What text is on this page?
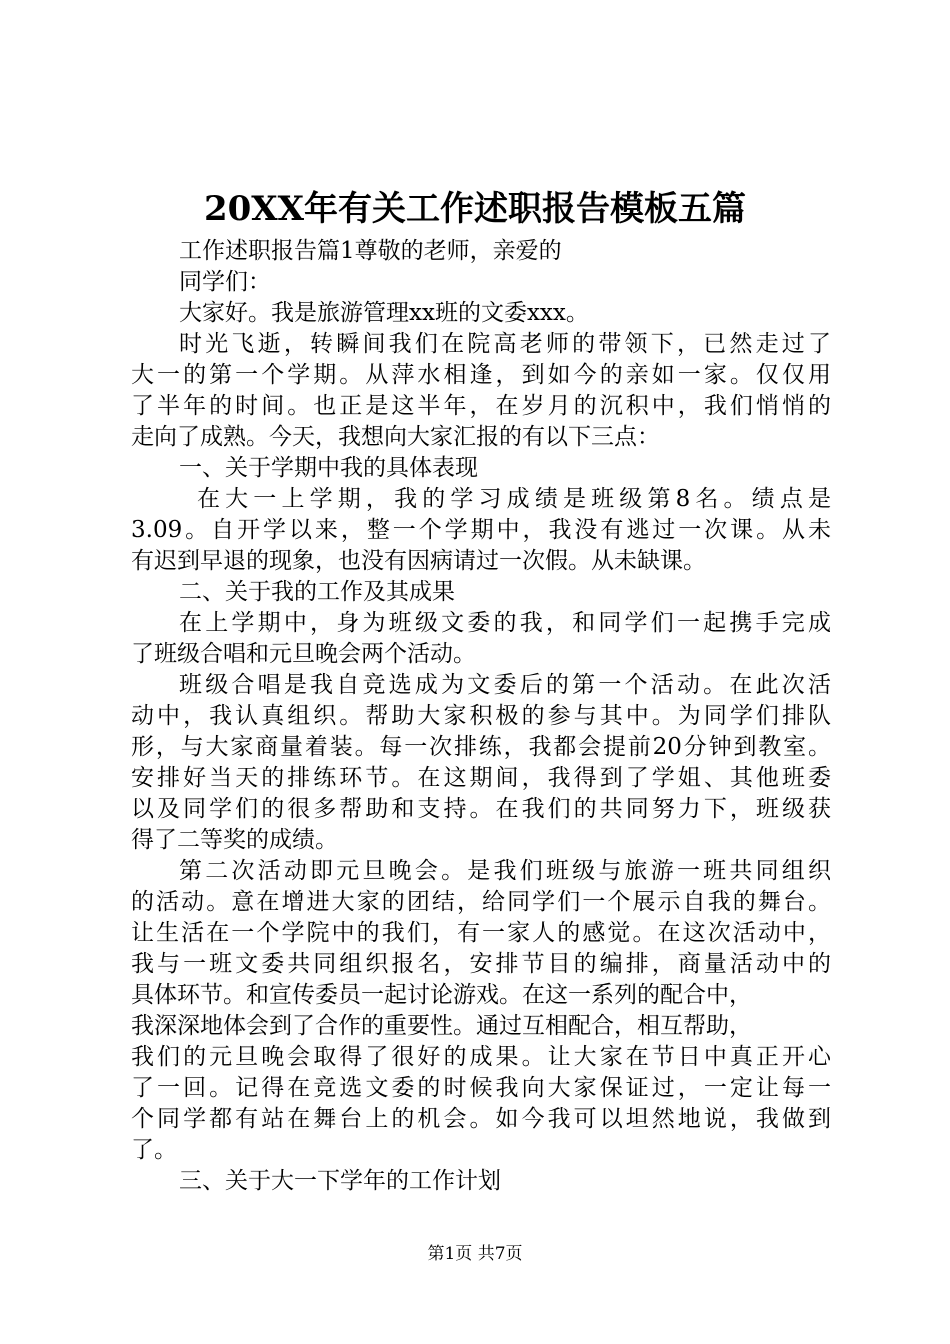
20XX年有关工作述职报告模板五篇
工作述职报告篇1尊敬的老师，亲爱的
同学们：
大家好。我是旅游管理xx班的文委xxx。
时光飞逝，转瞬间我们在院高老师的带领下，已然走过了
大一的第一个学期。从萍水相逢，到如今的亲如一家。仅仅用
了半年的时间。也正是这半年，在岁月的沉积中，我们悄悄的
走向了成熟。今天，我想向大家汇报的有以下三点：
一、关于学期中我的具体表现
在大一上学期，我的学习成绩是班级第8名。绩点是
3.09。自开学以来，整一个学期中，我没有逃过一次课。从未
有迟到早退的现象，也没有因病请过一次假。从未缺课。
二、关于我的工作及其成果
在上学期中，身为班级文委的我，和同学们一起携手完成
了班级合唱和元旦晚会两个活动。
班级合唱是我自竞选成为文委后的第一个活动。在此次活
动中，我认真组织。帮助大家积极的参与其中。为同学们排队
形，与大家商量着装。每一次排练，我都会提前20分钟到教室。
安排好当天的排练环节。在这期间，我得到了学姐、其他班委
以及同学们的很多帮助和支持。在我们的共同努力下，班级获
得了二等奖的成绩。
第二次活动即元旦晚会。是我们班级与旅游一班共同组织
的活动。意在增进大家的团结，给同学们一个展示自我的舞台。
让生活在一个学院中的我们，有一家人的感觉。在这次活动中，
我与一班文委共同组织报名，安排节目的编排，商量活动中的
具体环节。和宣传委员一起讨论游戏。在这一系列的配合中，
我深深地体会到了合作的重要性。通过互相配合，相互帮助，
我们的元旦晚会取得了很好的成果。让大家在节日中真正开心
了一回。记得在竞选文委的时候我向大家保证过，一定让每一
个同学都有站在舞台上的机会。如今我可以坦然地说，我做到
了。
三、关于大一下学年的工作计划
第1页 共7页
